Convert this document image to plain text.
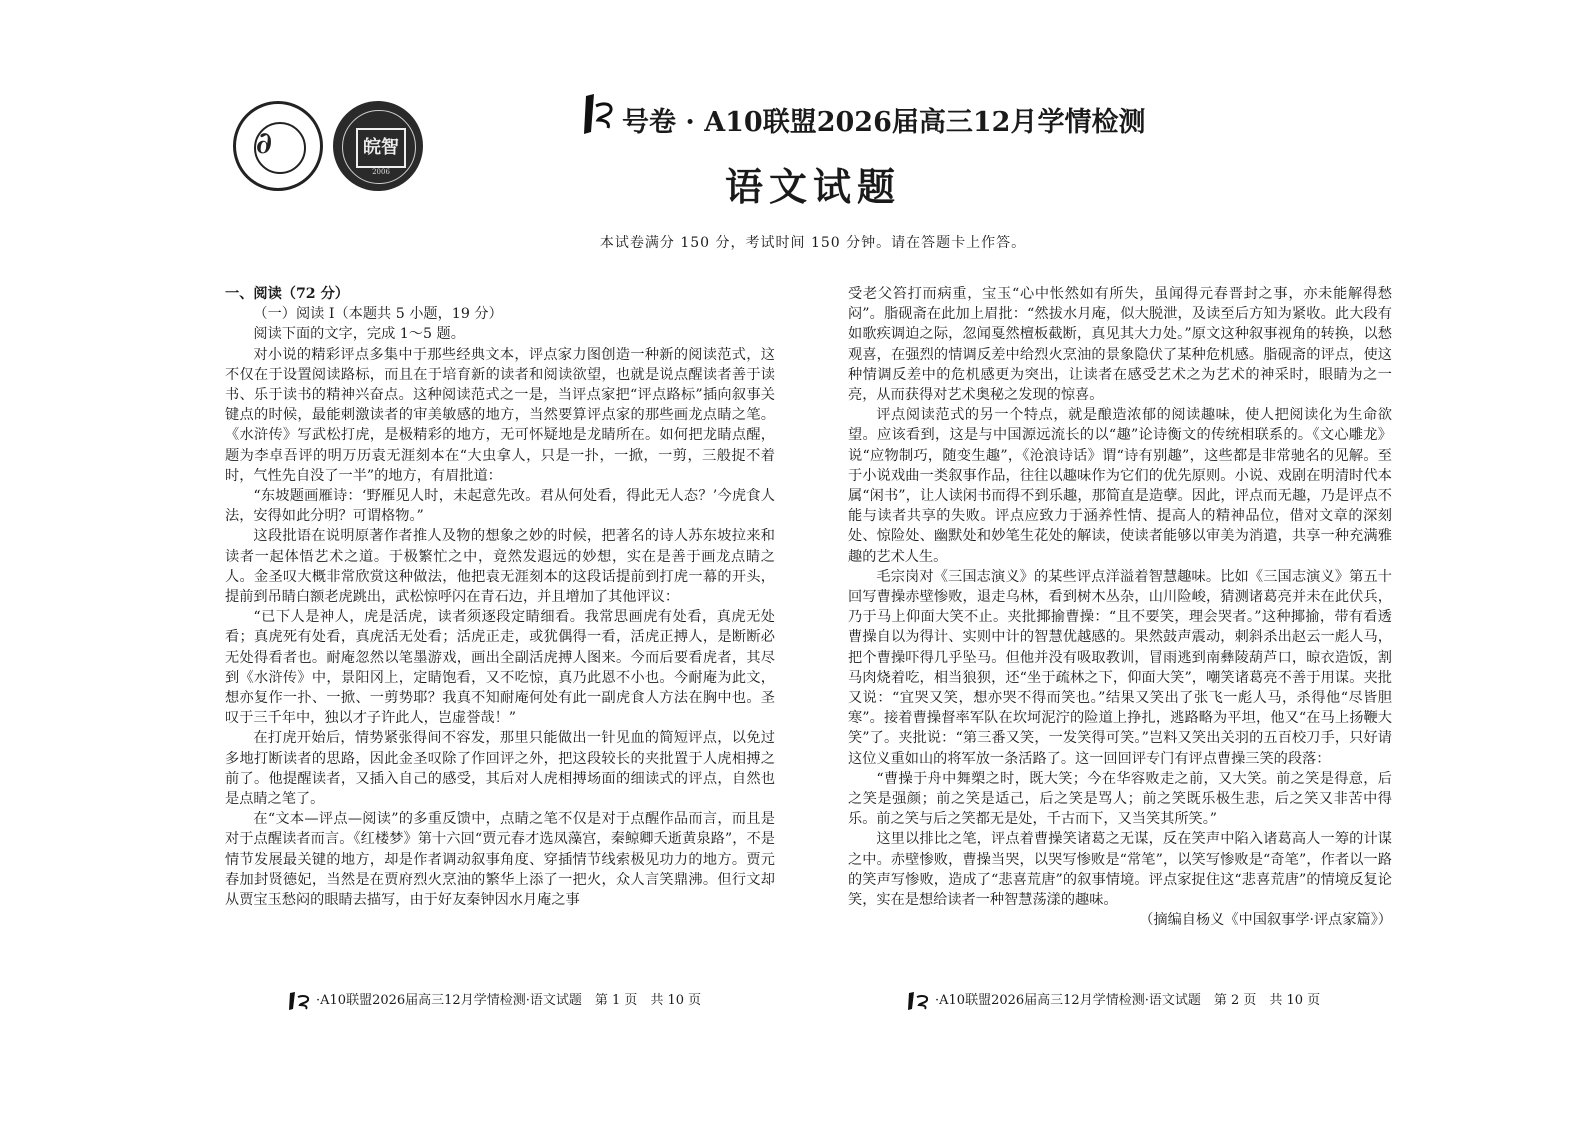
∂	皖智
2006
号卷 · A10联盟2026届高三12月学情检测
语文试题
本试卷满分 150 分，考试时间 150 分钟。请在答题卡上作答。

一、阅读（72 分）

（一）阅读 Ⅰ（本题共 5 小题，19 分）

阅读下面的文字，完成 1～5 题。

对小说的精彩评点多集中于那些经典文本，评点家力图创造一种新的阅读范式，这不仅在于设置阅读路标，而且在于培育新的读者和阅读欲望，也就是说点醒读者善于读书、乐于读书的精神兴奋点。这种阅读范式之一是，当评点家把“评点路标”插向叙事关键点的时候，最能刺激读者的审美敏感的地方，当然要算评点家的那些画龙点睛之笔。《水浒传》写武松打虎，是极精彩的地方，无可怀疑地是龙睛所在。如何把龙睛点醒，题为李卓吾评的明万历袁无涯刻本在“大虫拿人，只是一扑，一掀，一剪，三般捉不着时，气性先自没了一半”的地方，有眉批道：

“东坡题画雁诗：‘野雁见人时，未起意先改。君从何处看，得此无人态？’今虎食人法，安得如此分明？可谓格物。”

这段批语在说明原著作者推人及物的想象之妙的时候，把著名的诗人苏东坡拉来和读者一起体悟艺术之道。于极繁忙之中，竟然发遐远的妙想，实在是善于画龙点睛之人。金圣叹大概非常欣赏这种做法，他把袁无涯刻本的这段话提前到打虎一幕的开头，提前到吊睛白额老虎跳出，武松惊呼闪在青石边，并且增加了其他评议：

“已下人是神人，虎是活虎，读者须逐段定睛细看。我常思画虎有处看，真虎无处看；真虎死有处看，真虎活无处看；活虎正走，或犹偶得一看，活虎正搏人，是断断必无处得看者也。耐庵忽然以笔墨游戏，画出全副活虎搏人图来。今而后要看虎者，其尽到《水浒传》中，景阳冈上，定睛饱看，又不吃惊，真乃此恩不小也。今耐庵为此文，想亦复作一扑、一掀、一剪势耶？我真不知耐庵何处有此一副虎食人方法在胸中也。圣叹于三千年中，独以才子许此人，岂虚誉哉！”

在打虎开始后，情势紧张得间不容发，那里只能做出一针见血的简短评点，以免过多地打断读者的思路，因此金圣叹除了作回评之外，把这段较长的夹批置于人虎相搏之前了。他提醒读者，又插入自己的感受，其后对人虎相搏场面的细读式的评点，自然也是点睛之笔了。

在“文本—评点—阅读”的多重反馈中，点睛之笔不仅是对于点醒作品而言，而且是对于点醒读者而言。《红楼梦》第十六回“贾元春才选凤藻宫，秦鲸卿夭逝黄泉路”，不是情节发展最关键的地方，却是作者调动叙事角度、穿插情节线索极见功力的地方。贾元春加封贤德妃，当然是在贾府烈火烹油的繁华上添了一把火，众人言笑鼎沸。但行文却从贾宝玉愁闷的眼睛去描写，由于好友秦钟因水月庵之事

受老父笞打而病重，宝玉“心中怅然如有所失，虽闻得元春晋封之事，亦未能解得愁闷”。脂砚斋在此加上眉批：“然拔水月庵，似大脱泄，及读至后方知为紧收。此大段有如歌疾调迫之际，忽闻戛然檀板截断，真见其大力处。”原文这种叙事视角的转换，以愁观喜，在强烈的情调反差中给烈火烹油的景象隐伏了某种危机感。脂砚斋的评点，使这种情调反差中的危机感更为突出，让读者在感受艺术之为艺术的神采时，眼睛为之一亮，从而获得对艺术奥秘之发现的惊喜。

评点阅读范式的另一个特点，就是酿造浓郁的阅读趣味，使人把阅读化为生命欲望。应该看到，这是与中国源远流长的以“趣”论诗衡文的传统相联系的。《文心雕龙》说“应物制巧，随变生趣”，《沧浪诗话》谓“诗有别趣”，这些都是非常驰名的见解。至于小说戏曲一类叙事作品，往往以趣味作为它们的优先原则。小说、戏剧在明清时代本属“闲书”，让人读闲书而得不到乐趣，那简直是造孽。因此，评点而无趣，乃是评点不能与读者共享的失败。评点应致力于涵养性情、提高人的精神品位，借对文章的深刻处、惊险处、幽默处和妙笔生花处的解读，使读者能够以审美为消遣，共享一种充满雅趣的艺术人生。

毛宗岗对《三国志演义》的某些评点洋溢着智慧趣味。比如《三国志演义》第五十回写曹操赤壁惨败，退走乌林，看到树木丛杂，山川险峻，猜测诸葛亮并未在此伏兵，乃于马上仰面大笑不止。夹批揶揄曹操：“且不要笑，理会哭者。”这种揶揄，带有看透曹操自以为得计、实则中计的智慧优越感的。果然鼓声震动，刺斜杀出赵云一彪人马，把个曹操吓得几乎坠马。但他并没有吸取教训，冒雨逃到南彝陵葫芦口，晾衣造饭，割马肉烧着吃，相当狼狈，还“坐于疏林之下，仰面大笑”，嘲笑诸葛亮不善于用谋。夹批又说：“宜哭又笑，想亦哭不得而笑也。”结果又笑出了张飞一彪人马，杀得他“尽皆胆寒”。接着曹操督率军队在坎坷泥泞的险道上挣扎，逃路略为平坦，他又“在马上扬鞭大笑”了。夹批说：“第三番又笑，一发笑得可笑。”岂料又笑出关羽的五百校刀手，只好请这位义重如山的将军放一条活路了。这一回回评专门有评点曹操三笑的段落：

“曹操于舟中舞槊之时，既大笑；今在华容败走之前，又大笑。前之笑是得意，后之笑是强颜；前之笑是适己，后之笑是骂人；前之笑既乐极生悲，后之笑又非苦中得乐。前之笑与后之笑都无是处，千古而下，又当笑其所笑。”

这里以排比之笔，评点着曹操笑诸葛之无谋，反在笑声中陷入诸葛高人一筹的计谋之中。赤壁惨败，曹操当哭，以哭写惨败是“常笔”，以笑写惨败是“奇笔”，作者以一路的笑声写惨败，造成了“悲喜荒唐”的叙事情境。评点家捉住这“悲喜荒唐”的情境反复论笑，实在是想给读者一种智慧荡漾的趣味。

（摘编自杨义《中国叙事学·评点家篇》）

·A10联盟2026届高三12月学情检测·语文试题　第 1 页　共 10 页	·A10联盟2026届高三12月学情检测·语文试题　第 2 页　共 10 页
